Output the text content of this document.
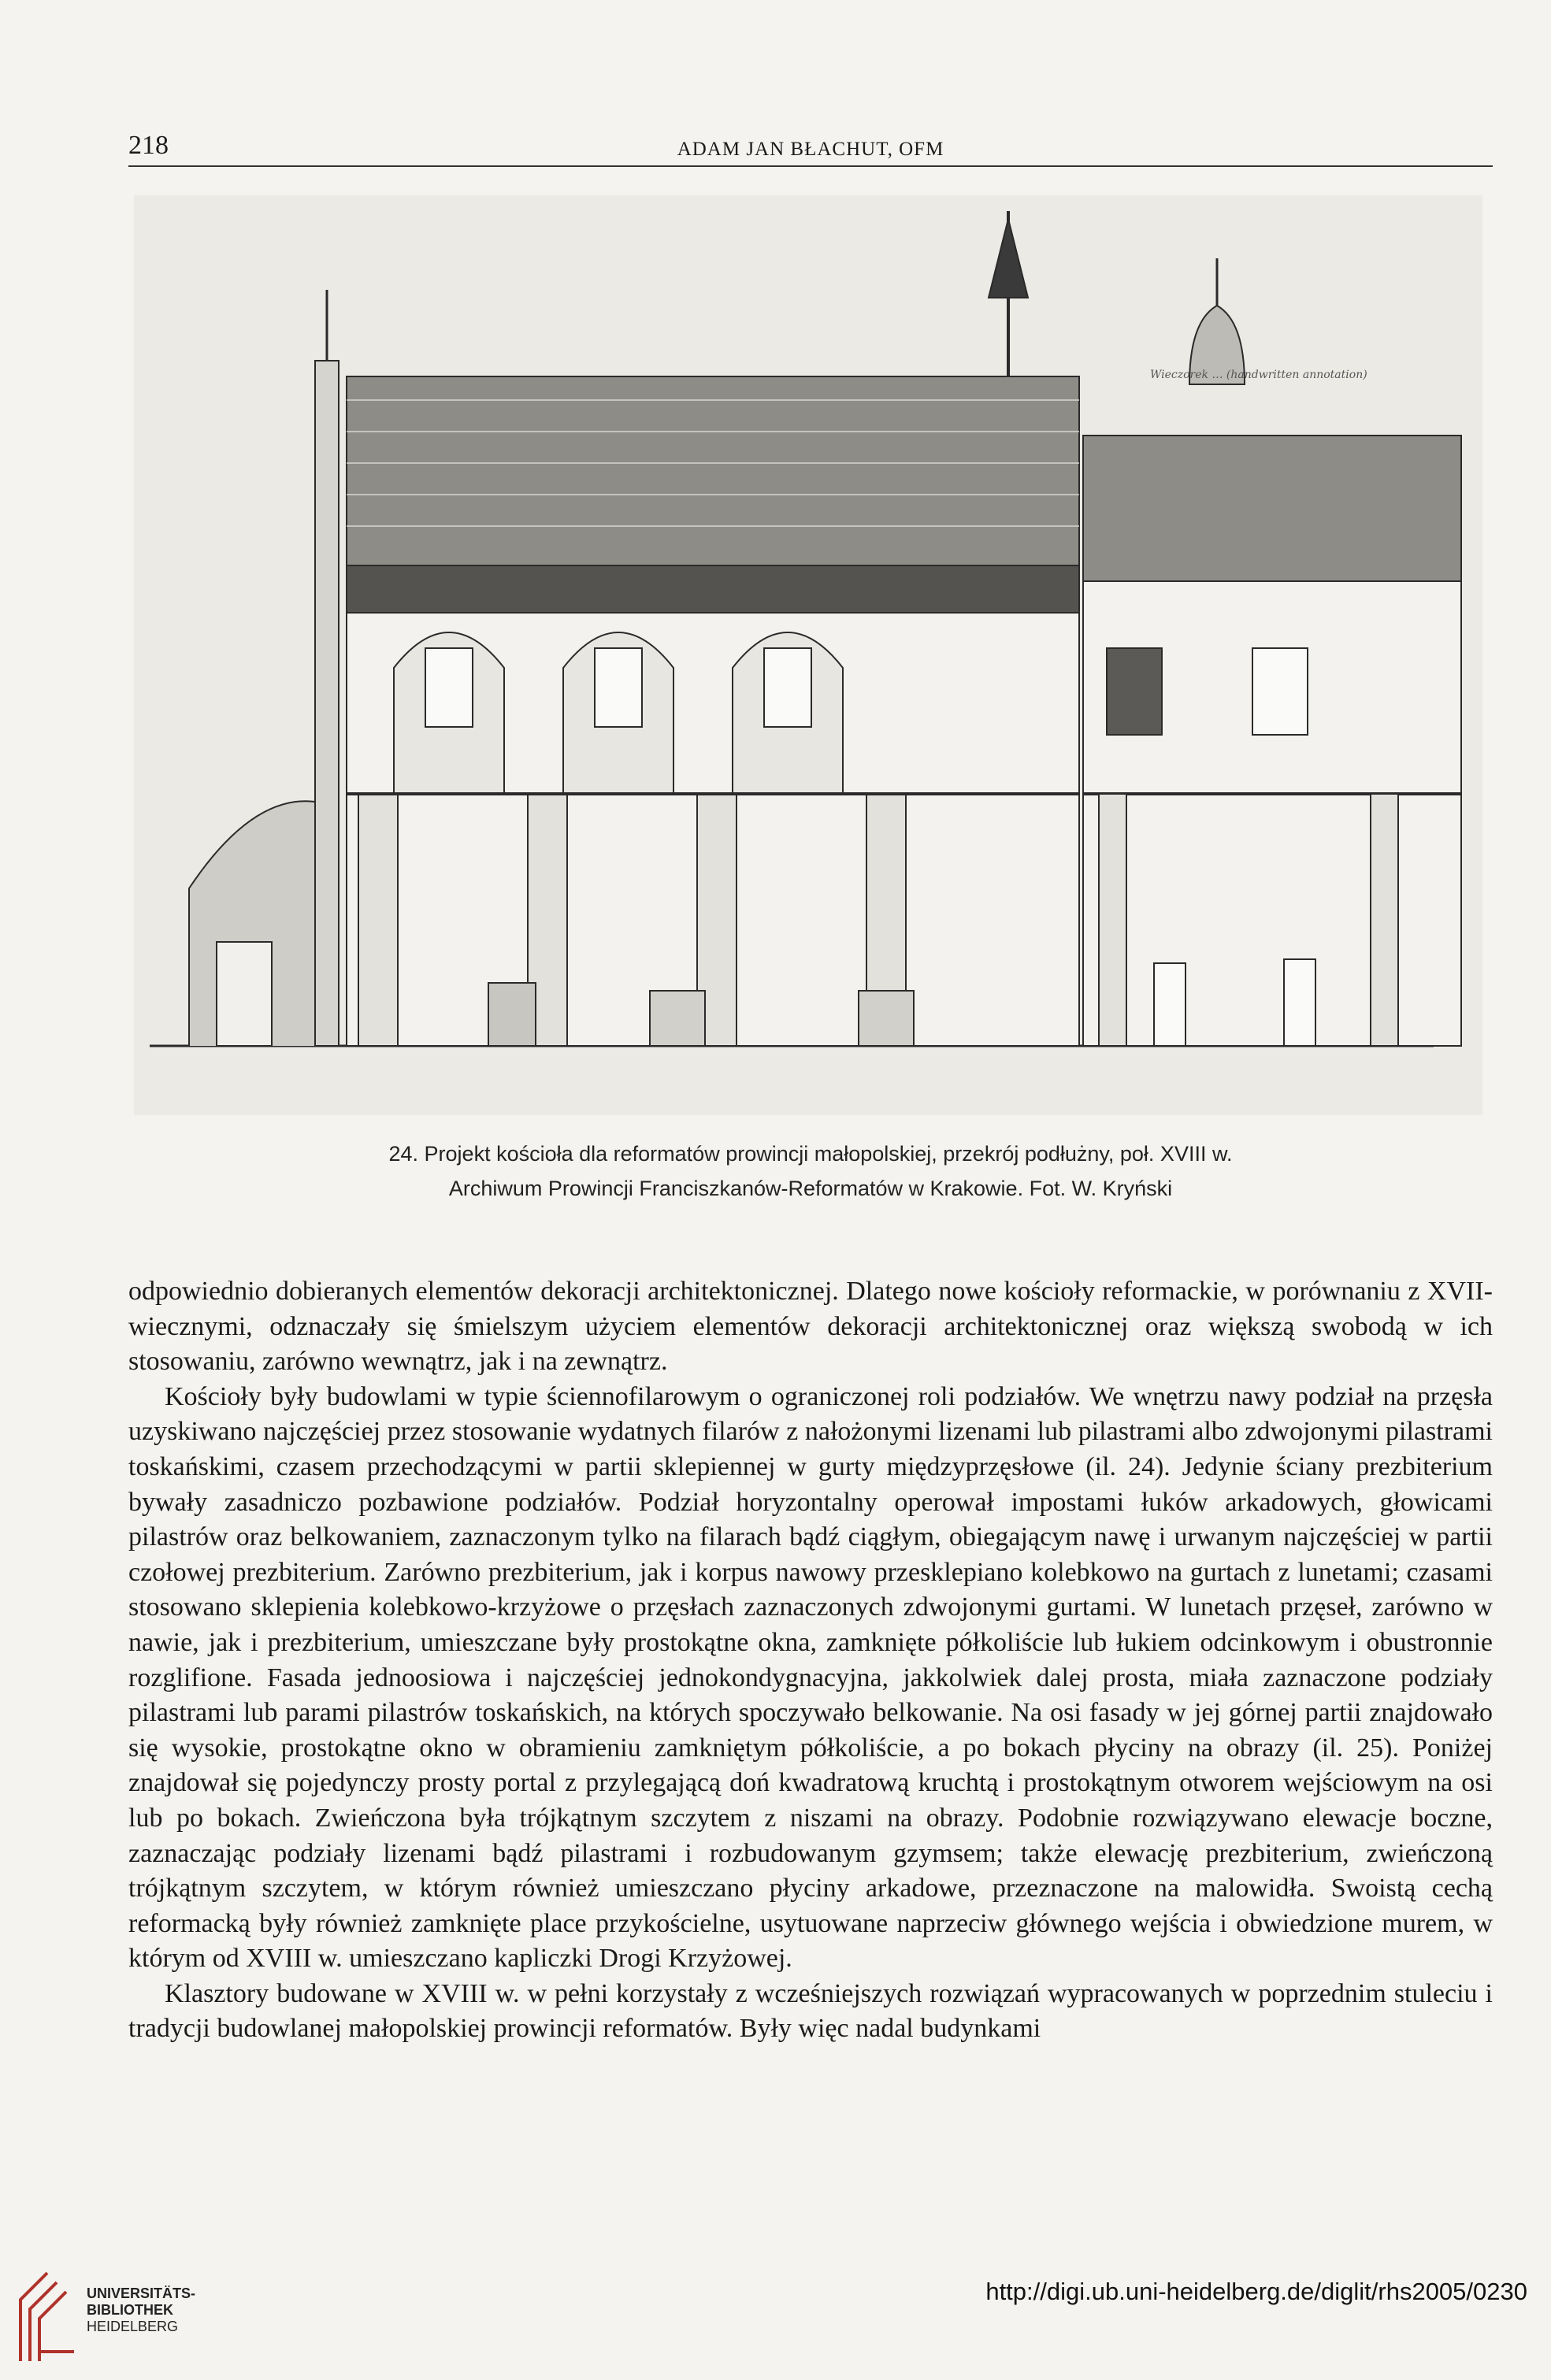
218	ADAM JAN BŁACHUT, OFM
Wieczorek … (handwritten annotation)
24. Projekt kościoła dla reformatów prowincji małopolskiej, przekrój podłużny, poł. XVIII w.
Archiwum Prowincji Franciszkanów-Reformatów w Krakowie. Fot. W. Kryński

odpowiednio dobieranych elementów dekoracji architektonicznej. Dlatego nowe kościoły reformackie, w porównaniu z XVII-wiecznymi, odznaczały się śmielszym użyciem elementów dekoracji architektonicznej oraz większą swobodą w ich stosowaniu, zarówno wewnątrz, jak i na zewnątrz.

Kościoły były budowlami w typie ściennofilarowym o ograniczonej roli podziałów. We wnętrzu nawy podział na przęsła uzyskiwano najczęściej przez stosowanie wydatnych filarów z nałożonymi lizenami lub pilastrami albo zdwojonymi pilastrami toskańskimi, czasem przechodzącymi w partii sklepiennej w gurty międzyprzęsłowe (il. 24). Jedynie ściany prezbiterium bywały zasadniczo pozbawione podziałów. Podział horyzontalny operował impostami łuków arkadowych, głowicami pilastrów oraz belkowaniem, zaznaczonym tylko na filarach bądź ciągłym, obiegającym nawę i urwanym najczęściej w partii czołowej prezbiterium. Zarówno prezbiterium, jak i korpus nawowy przesklepiano kolebkowo na gurtach z lunetami; czasami stosowano sklepienia kolebkowo-krzyżowe o przęsłach zaznaczonych zdwojonymi gurtami. W lunetach przęseł, zarówno w nawie, jak i prezbiterium, umieszczane były prostokątne okna, zamknięte półkoliście lub łukiem odcinkowym i obustronnie rozglifione. Fasada jednoosiowa i najczęściej jednokondygnacyjna, jakkolwiek dalej prosta, miała zaznaczone podziały pilastrami lub parami pilastrów toskańskich, na których spoczywało belkowanie. Na osi fasady w jej górnej partii znajdowało się wysokie, prostokątne okno w obramieniu zamkniętym półkoliście, a po bokach płyciny na obrazy (il. 25). Poniżej znajdował się pojedynczy prosty portal z przylegającą doń kwadratową kruchtą i prostokątnym otworem wejściowym na osi lub po bokach. Zwieńczona była trójkątnym szczytem z niszami na obrazy. Podobnie rozwiązywano elewacje boczne, zaznaczając podziały lizenami bądź pilastrami i rozbudowanym gzymsem; także elewację prezbiterium, zwieńczoną trójkątnym szczytem, w którym również umieszczano płyciny arkadowe, przeznaczone na malowidła. Swoistą cechą reformacką były również zamknięte place przykościelne, usytuowane naprzeciw głównego wejścia i obwiedzione murem, w którym od XVIII w. umieszczano kapliczki Drogi Krzyżowej.

Klasztory budowane w XVIII w. w pełni korzystały z wcześniejszych rozwiązań wypracowanych w poprzednim stuleciu i tradycji budowlanej małopolskiej prowincji reformatów. Były więc nadal budynkami

UNIVERSITÄTS-
BIBLIOTHEK
HEIDELBERG
http://digi.ub.uni-heidelberg.de/diglit/rhs2005/0230
